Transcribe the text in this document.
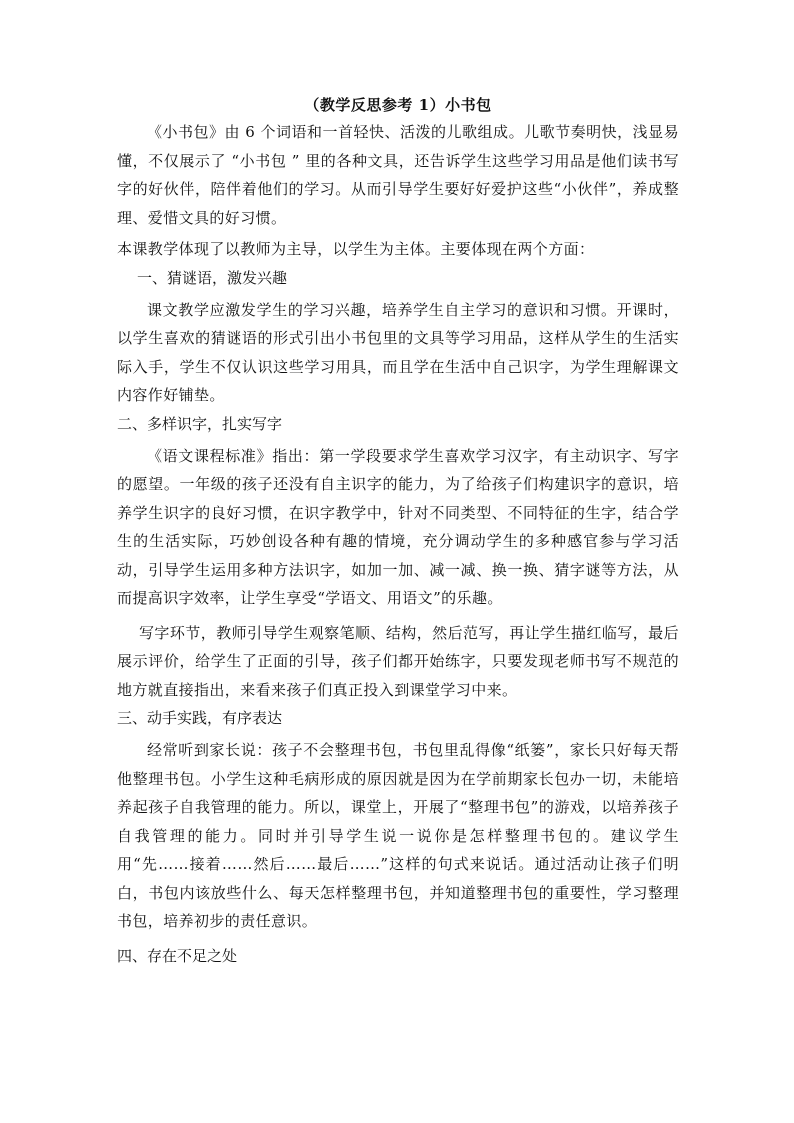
（教学反思参考 1）小书包

《小书包》由 6 个词语和一首轻快、活泼的儿歌组成。儿歌节奏明快，浅显易懂，不仅展示了 “小书包 ” 里的各种文具，还告诉学生这些学习用品是他们读书写字的好伙伴，陪伴着他们的学习。从而引导学生要好好爱护这些“小伙伴”，养成整理、爱惜文具的好习惯。

本课教学体现了以教师为主导，以学生为主体。主要体现在两个方面：

一、猜谜语，激发兴趣

课文教学应激发学生的学习兴趣，培养学生自主学习的意识和习惯。开课时，以学生喜欢的猜谜语的形式引出小书包里的文具等学习用品，这样从学生的生活实际入手，学生不仅认识这些学习用具，而且学在生活中自己识字，为学生理解课文内容作好铺垫。

二、多样识字，扎实写字

《语文课程标准》指出：第一学段要求学生喜欢学习汉字，有主动识字、写字的愿望。一年级的孩子还没有自主识字的能力，为了给孩子们构建识字的意识，培养学生识字的良好习惯，在识字教学中，针对不同类型、不同特征的生字，结合学生的生活实际，巧妙创设各种有趣的情境，充分调动学生的多种感官参与学习活动，引导学生运用多种方法识字，如加一加、减一减、换一换、猜字谜等方法，从而提高识字效率，让学生享受“学语文、用语文”的乐趣。

写字环节，教师引导学生观察笔顺、结构，然后范写，再让学生描红临写，最后展示评价，给学生了正面的引导，孩子们都开始练字，只要发现老师书写不规范的地方就直接指出，来看来孩子们真正投入到课堂学习中来。

三、动手实践，有序表达

经常听到家长说：孩子不会整理书包，书包里乱得像“纸篓”，家长只好每天帮他整理书包。小学生这种毛病形成的原因就是因为在学前期家长包办一切，未能培养起孩子自我管理的能力。所以，课堂上，开展了“整理书包”的游戏，以培养孩子自我管理的能力。同时并引导学生说一说你是怎样整理书包的。建议学生用“先……接着……然后……最后……”这样的句式来说话。通过活动让孩子们明白，书包内该放些什么、每天怎样整理书包，并知道整理书包的重要性，学习整理书包，培养初步的责任意识。

四、存在不足之处
